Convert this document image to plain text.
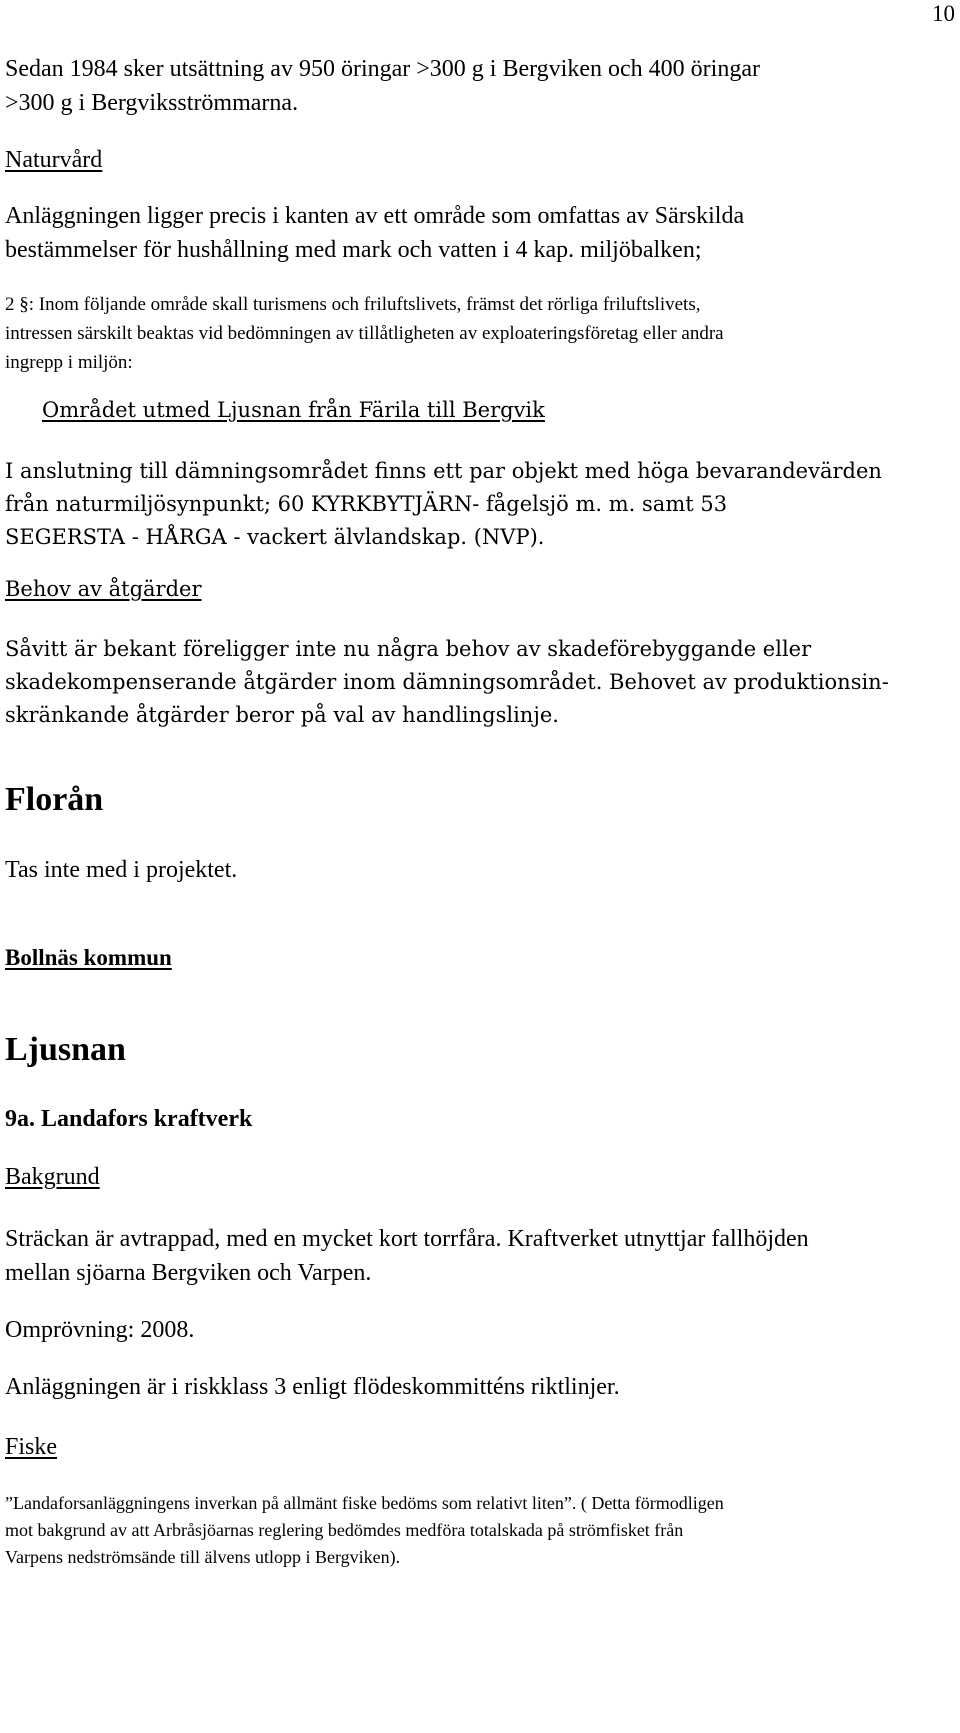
10

Sedan 1984 sker utsättning av 950 öringar >300 g i Bergviken och 400 öringar
>300 g i Bergviksströmmarna.

Naturvård

Anläggningen ligger precis i kanten av ett område som omfattas av Särskilda
bestämmelser för hushållning med mark och vatten i 4 kap. miljöbalken;
2 §: Inom följande område skall turismens och friluftslivets, främst det rörliga friluftslivets,
intressen särskilt beaktas vid bedömningen av tillåtligheten av exploateringsföretag eller andra
ingrepp i miljön:

Området utmed Ljusnan från Färila till Bergvik

I anslutning till dämningsområdet finns ett par objekt med höga bevarandevärden
från naturmiljösynpunkt; 60 KYRKBYTJÄRN- fågelsjö m. m. samt 53
SEGERSTA - HÅRGA - vackert älvlandskap. (NVP).

Behov av åtgärder

Såvitt är bekant föreligger inte nu några behov av skadeförebyggande eller
skadekompenserande åtgärder inom dämningsområdet. Behovet av produktionsin-
skränkande åtgärder beror på val av handlingslinje.

Florån

Tas inte med i projektet.

Bollnäs kommun

Ljusnan

9a. Landafors kraftverk

Bakgrund

Sträckan är avtrappad, med en mycket kort torrfåra. Kraftverket utnyttjar fallhöjden
mellan sjöarna Bergviken och Varpen.

Omprövning: 2008.

Anläggningen är i riskklass 3 enligt flödeskommitténs riktlinjer.

Fiske

”Landaforsanläggningens inverkan på allmänt fiske bedöms som relativt liten”. ( Detta förmodligen
mot bakgrund av att Arbråsjöarnas reglering bedömdes medföra totalskada på strömfisket från
Varpens nedströmsände till älvens utlopp i Bergviken).
